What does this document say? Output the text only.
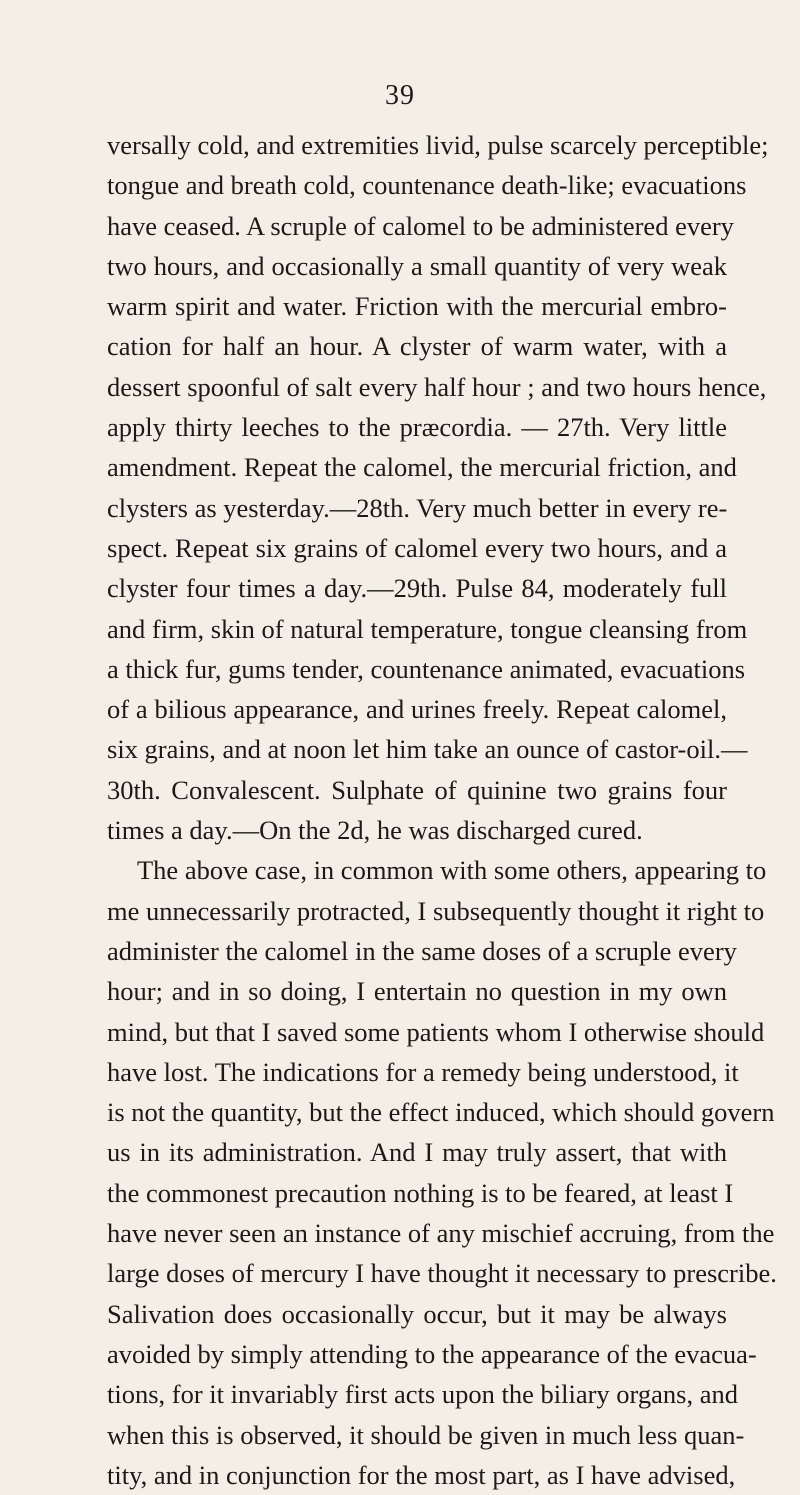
39
versally cold, and extremities livid, pulse scarcely perceptible;
tongue and breath cold, countenance death-like; evacuations
have ceased. A scruple of calomel to be administered every
two hours, and occasionally a small quantity of very weak
warm spirit and water. Friction with the mercurial embro-
cation for half an hour. A clyster of warm water, with a
dessert spoonful of salt every half hour ; and two hours hence,
apply thirty leeches to the præcordia. — 27th. Very little
amendment. Repeat the calomel, the mercurial friction, and
clysters as yesterday.—28th. Very much better in every re-
spect. Repeat six grains of calomel every two hours, and a
clyster four times a day.—29th. Pulse 84, moderately full
and firm, skin of natural temperature, tongue cleansing from
a thick fur, gums tender, countenance animated, evacuations
of a bilious appearance, and urines freely. Repeat calomel,
six grains, and at noon let him take an ounce of castor-oil.—
30th. Convalescent. Sulphate of quinine two grains four
times a day.—On the 2d, he was discharged cured.
The above case, in common with some others, appearing to
me unnecessarily protracted, I subsequently thought it right to
administer the calomel in the same doses of a scruple every
hour; and in so doing, I entertain no question in my own
mind, but that I saved some patients whom I otherwise should
have lost. The indications for a remedy being understood, it
is not the quantity, but the effect induced, which should govern
us in its administration. And I may truly assert, that with
the commonest precaution nothing is to be feared, at least I
have never seen an instance of any mischief accruing, from the
large doses of mercury I have thought it necessary to prescribe.
Salivation does occasionally occur, but it may be always
avoided by simply attending to the appearance of the evacua-
tions, for it invariably first acts upon the biliary organs, and
when this is observed, it should be given in much less quan-
tity, and in conjunction for the most part, as I have advised,
